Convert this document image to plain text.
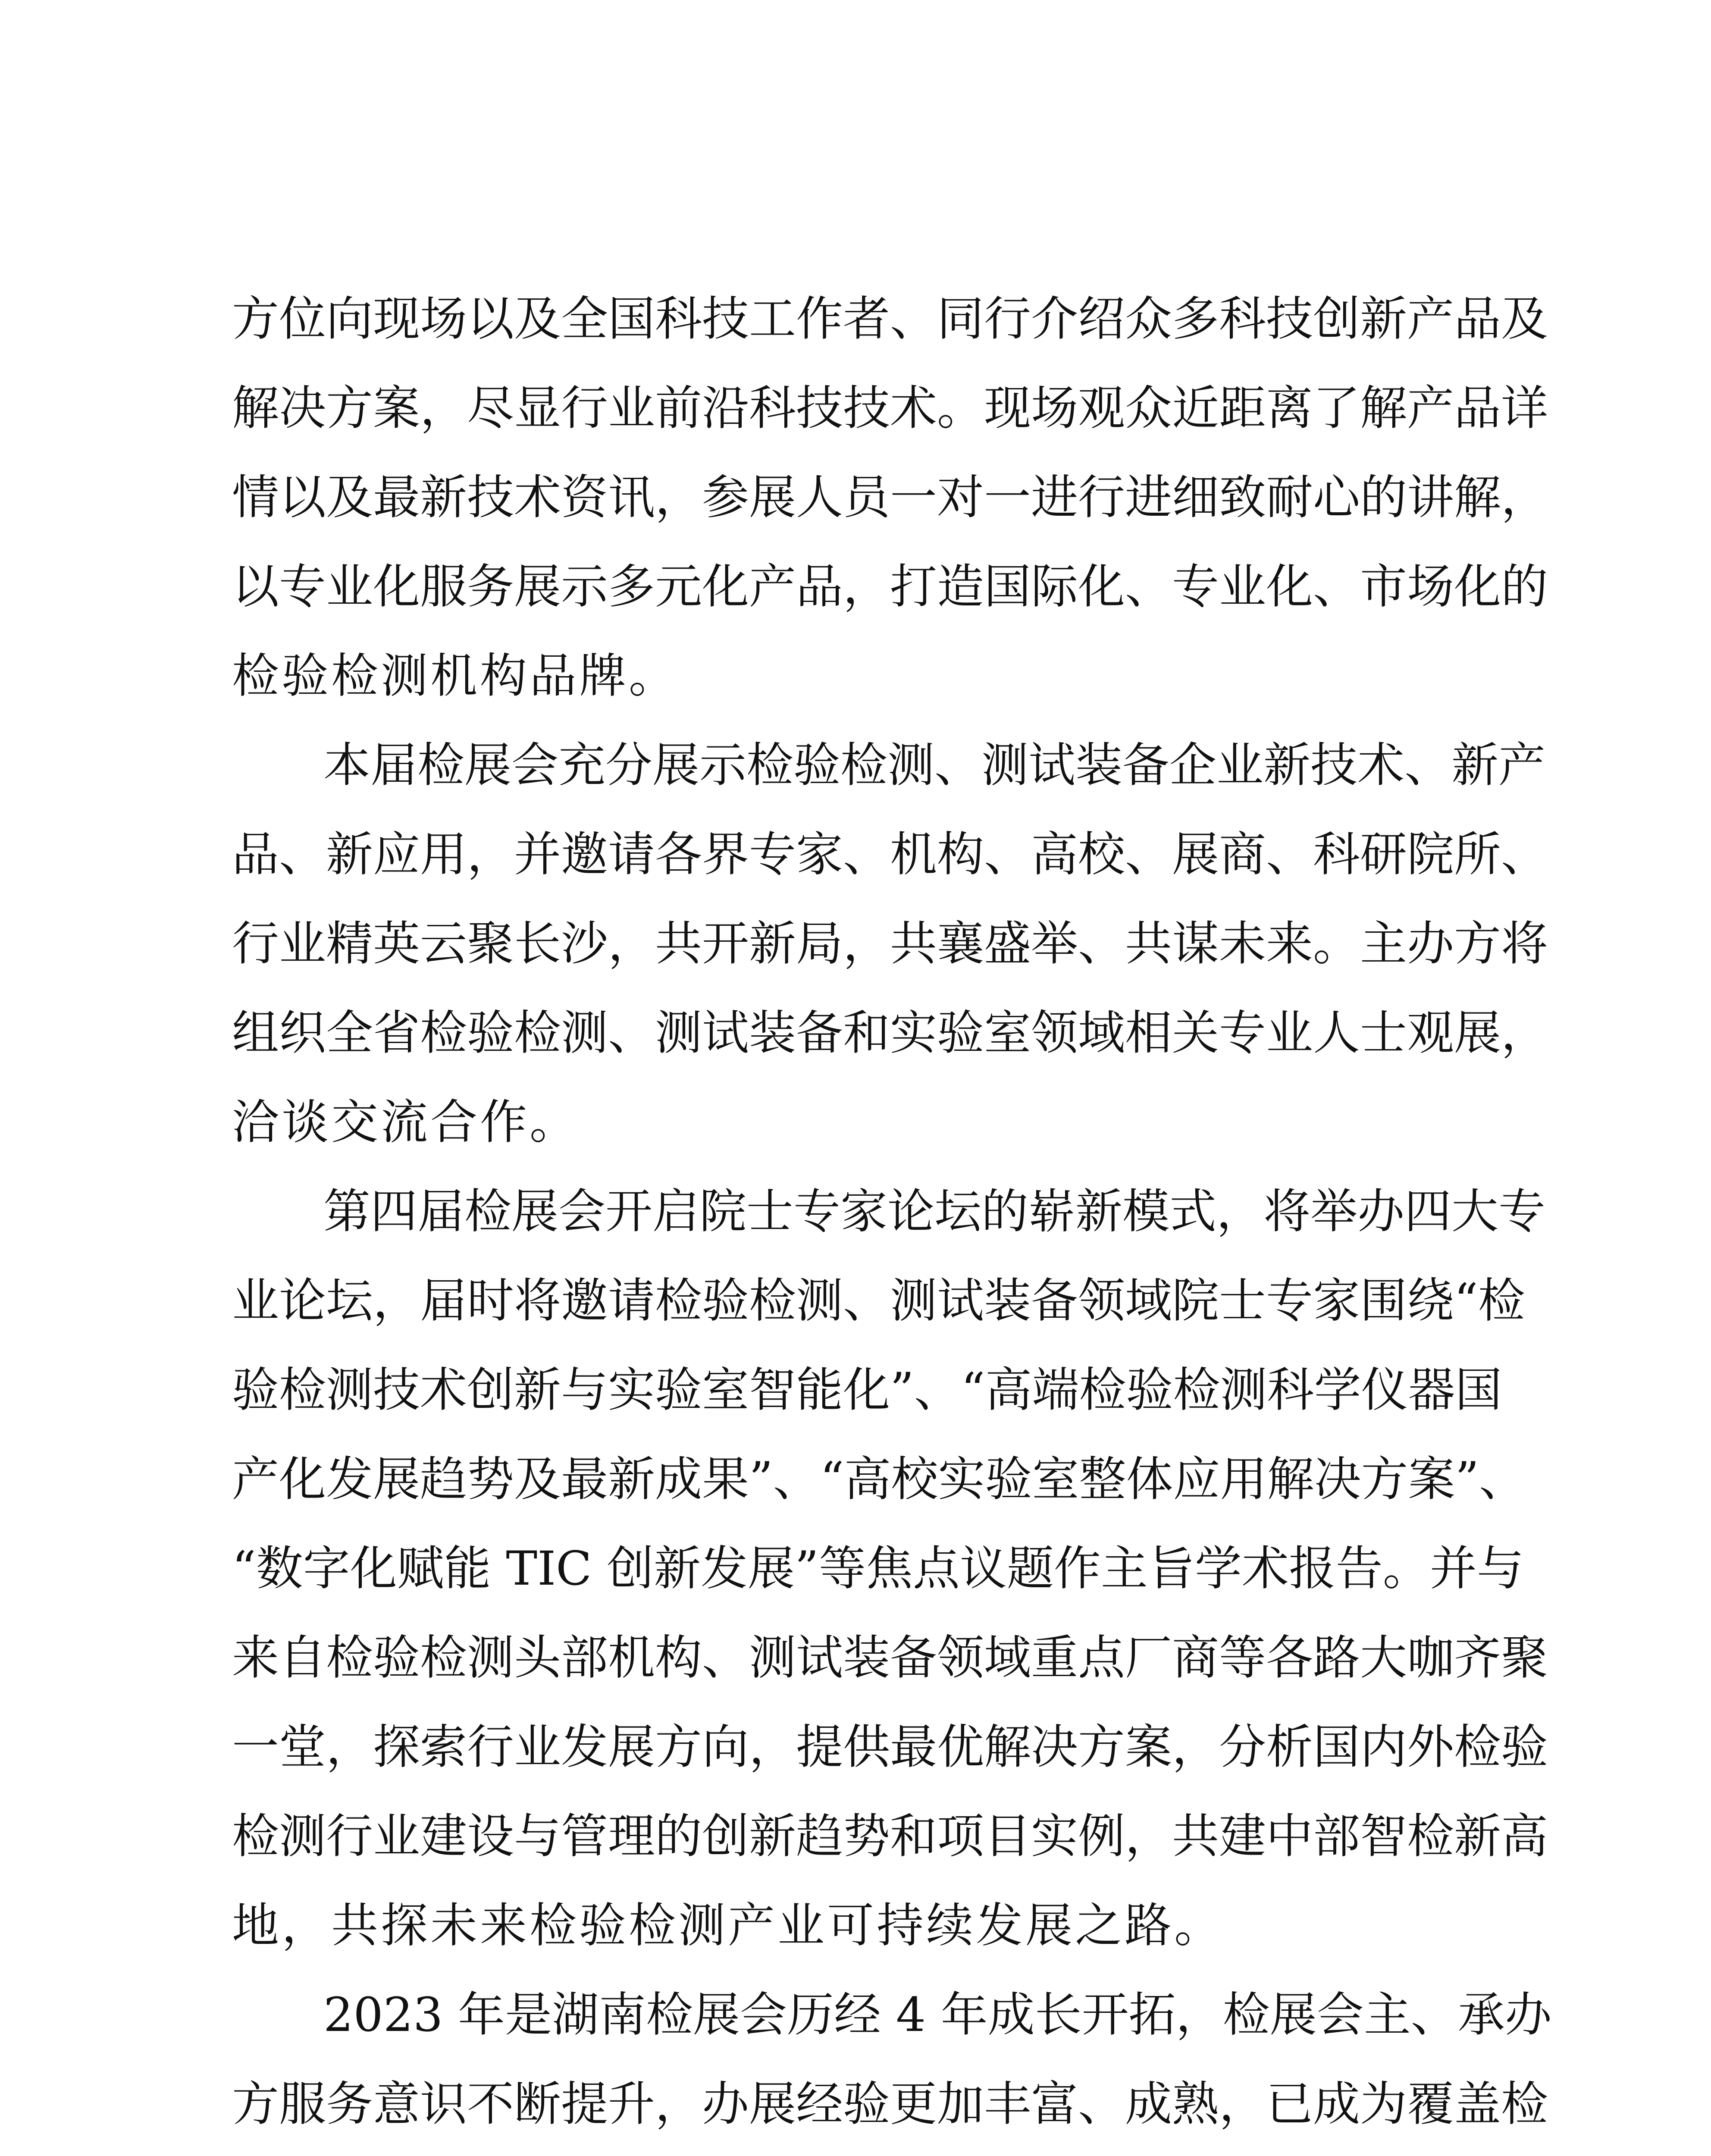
方位向现场以及全国科技工作者、同行介绍众多科技创新产品及
解决方案，尽显行业前沿科技技术。现场观众近距离了解产品详
情以及最新技术资讯，参展人员一对一进行进细致耐心的讲解，
以专业化服务展示多元化产品，打造国际化、专业化、市场化的
检验检测机构品牌。
本届检展会充分展示检验检测、测试装备企业新技术、新产
品、新应用，并邀请各界专家、机构、高校、展商、科研院所、
行业精英云聚长沙，共开新局，共襄盛举、共谋未来。主办方将
组织全省检验检测、测试装备和实验室领域相关专业人士观展，
洽谈交流合作。
第四届检展会开启院士专家论坛的崭新模式，将举办四大专
业论坛，届时将邀请检验检测、测试装备领域院士专家围绕“检
验检测技术创新与实验室智能化”、“高端检验检测科学仪器国
产化发展趋势及最新成果”、“高校实验室整体应用解决方案”、
“数字化赋能 TIC 创新发展”等焦点议题作主旨学术报告。并与
来自检验检测头部机构、测试装备领域重点厂商等各路大咖齐聚
一堂，探索行业发展方向，提供最优解决方案，分析国内外检验
检测行业建设与管理的创新趋势和项目实例，共建中部智检新高
地，共探未来检验检测产业可持续发展之路。
2023 年是湖南检展会历经 4 年成长开拓，检展会主、承办
方服务意识不断提升，办展经验更加丰富、成熟，已成为覆盖检
